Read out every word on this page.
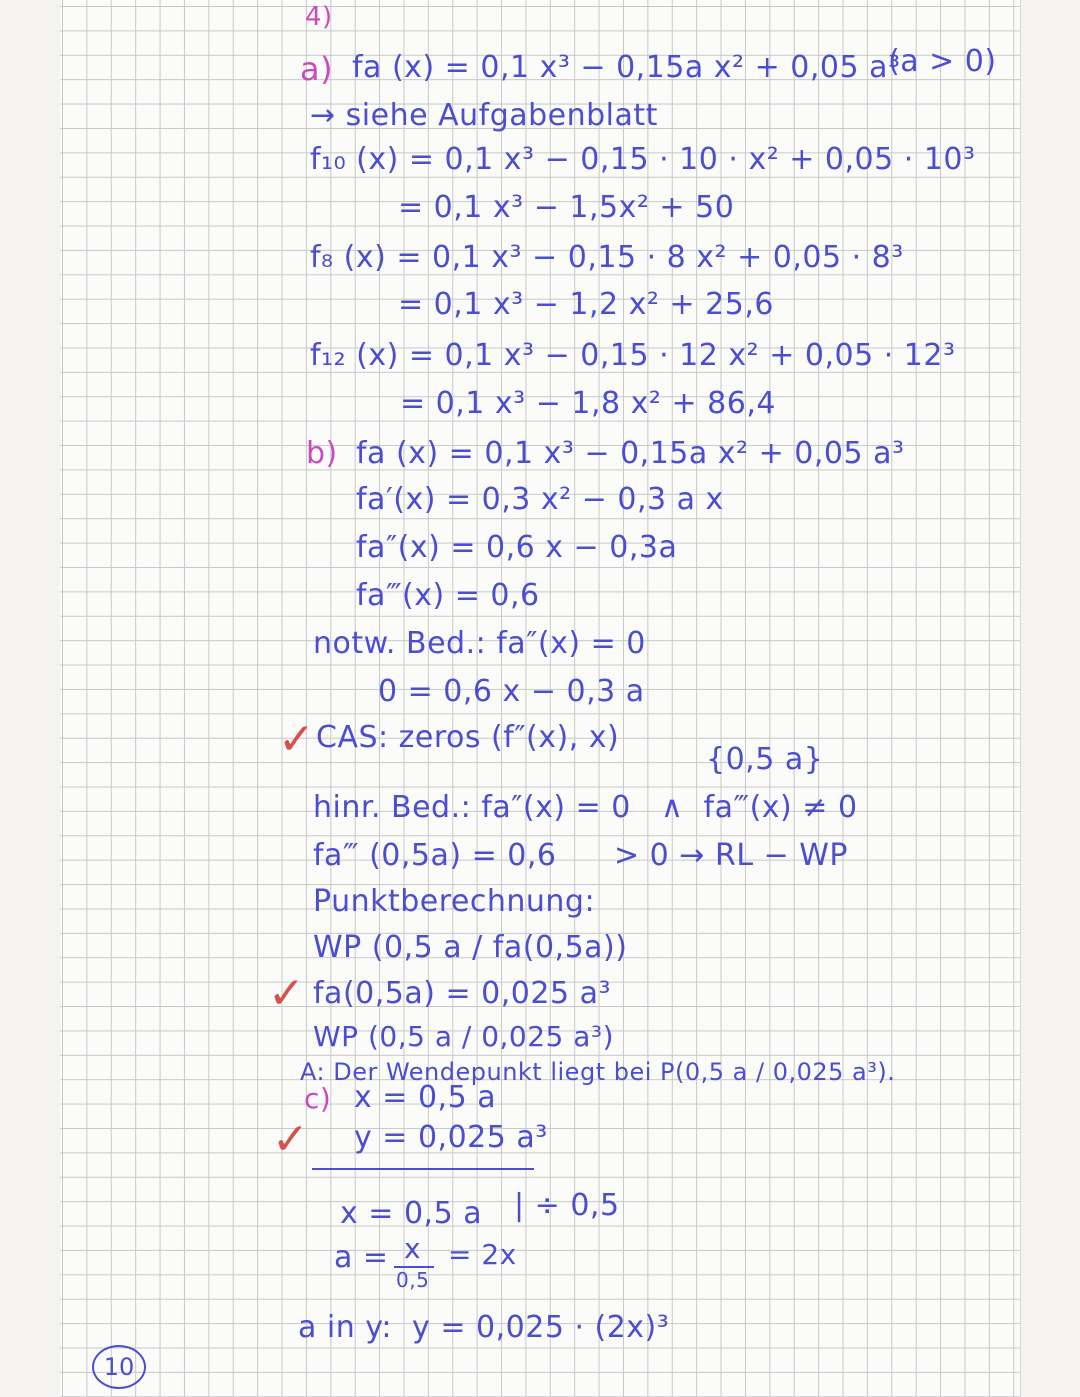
4)
a) fa (x) = 0,1 x³ − 0,15a x² + 0,05 a³
(a > 0)
→ siehe Aufgabenblatt
f₁₀ (x) = 0,1 x³ − 0,15 · 10 · x² + 0,05 · 10³
= 0,1 x³ − 1,5x² + 50
f₈ (x) = 0,1 x³ − 0,15 · 8 x² + 0,05 · 8³
= 0,1 x³ − 1,2 x² + 25,6
f₁₂ (x) = 0,1 x³ − 0,15 · 12 x² + 0,05 · 12³
= 0,1 x³ − 1,8 x² + 86,4
b) fa (x) = 0,1 x³ − 0,15a x² + 0,05 a³
fa′(x) = 0,3 x² − 0,3 a x
fa″(x) = 0,6 x − 0,3a
fa‴(x) = 0,6
notw. Bed.: fa″(x) = 0
0 = 0,6 x − 0,3 a
✓ CAS: zeros (f″(x), x)
{0,5 a}
hinr. Bed.: fa″(x) = 0   ∧  fa‴(x) ≠ 0
fa‴ (0,5a) = 0,6 > 0 → RL − WP
Punktberechnung:
WP (0,5 a / fa(0,5a))
✓ fa(0,5a) = 0,025 a³
WP (0,5 a / 0,025 a³)
A: Der Wendepunkt liegt bei P(0,5 a / 0,025 a³).
c) x = 0,5 a
✓ y = 0,025 a³
x = 0,5 a | ÷ 0,5
a = x
0,5
= 2x
a in y:  y = 0,025 · (2x)³
10
